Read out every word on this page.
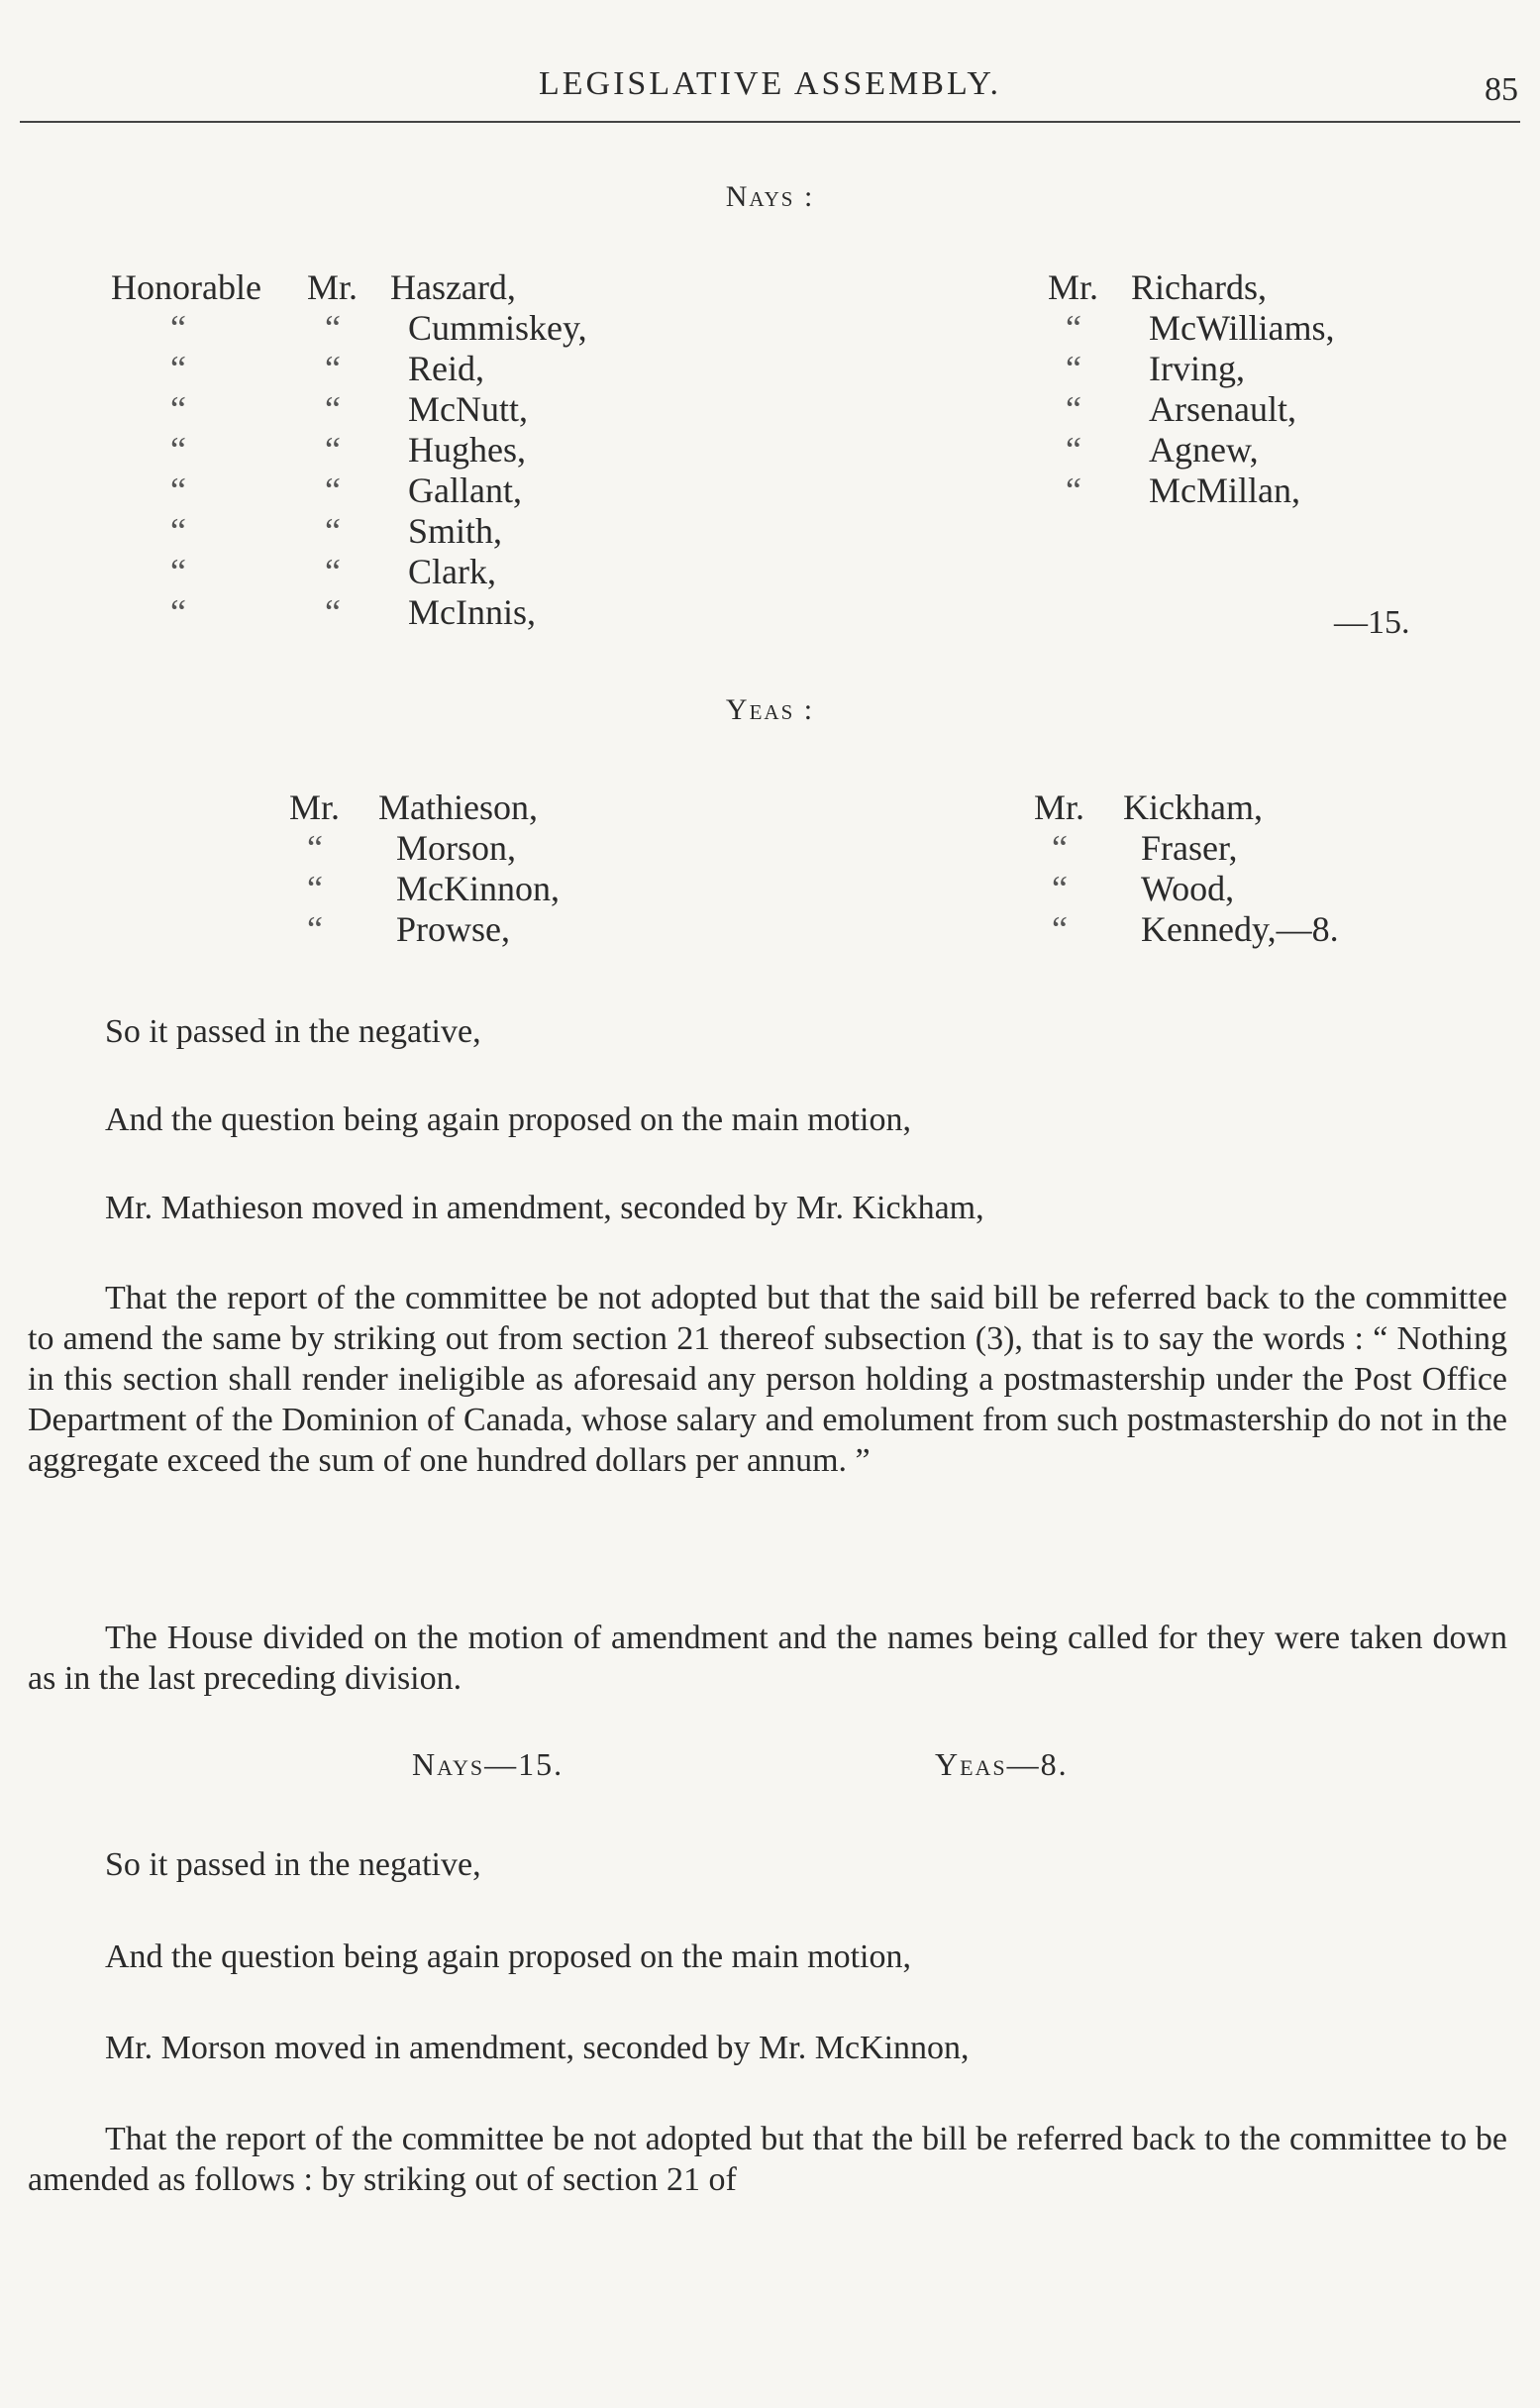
LEGISLATIVE ASSEMBLY.	85
Nays :
Honorable	Mr. Haszard,
“	“	Cummiskey,
“	“	Reid,
“	“	McNutt,
“	“	Hughes,
“	“	Gallant,
“	“	Smith,
“	“	Clark,
“	“	McInnis,
Mr. Richards,
“	McWilliams,
“	Irving,
“	Arsenault,
“	Agnew,
“	McMillan,
—15.
Yeas :
Mr.	Mathieson,
“	Morson,
“	McKinnon,
“	Prowse,
Mr.	Kickham,
“	Fraser,
“	Wood,
“	Kennedy,—8.
So it passed in the negative,
And the question being again proposed on the main motion,
Mr. Mathieson moved in amendment, seconded by Mr. Kickham,
That the report of the committee be not adopted but that the said bill be referred back to the committee to amend the same by striking out from section 21 thereof subsection (3), that is to say the words : “ Nothing in this section shall render ineligible as aforesaid any person holding a postmastership under the Post Office Department of the Dominion of Canada, whose salary and emolument from such postmastership do not in the aggregate exceed the sum of one hundred dollars per annum. ”
The House divided on the motion of amendment and the names being called for they were taken down as in the last preceding division.
Nays—15.	Yeas—8.
So it passed in the negative,
And the question being again proposed on the main motion,
Mr. Morson moved in amendment, seconded by Mr. McKinnon,
That the report of the committee be not adopted but that the bill be referred back to the committee to be amended as follows : by striking out of section 21 of
